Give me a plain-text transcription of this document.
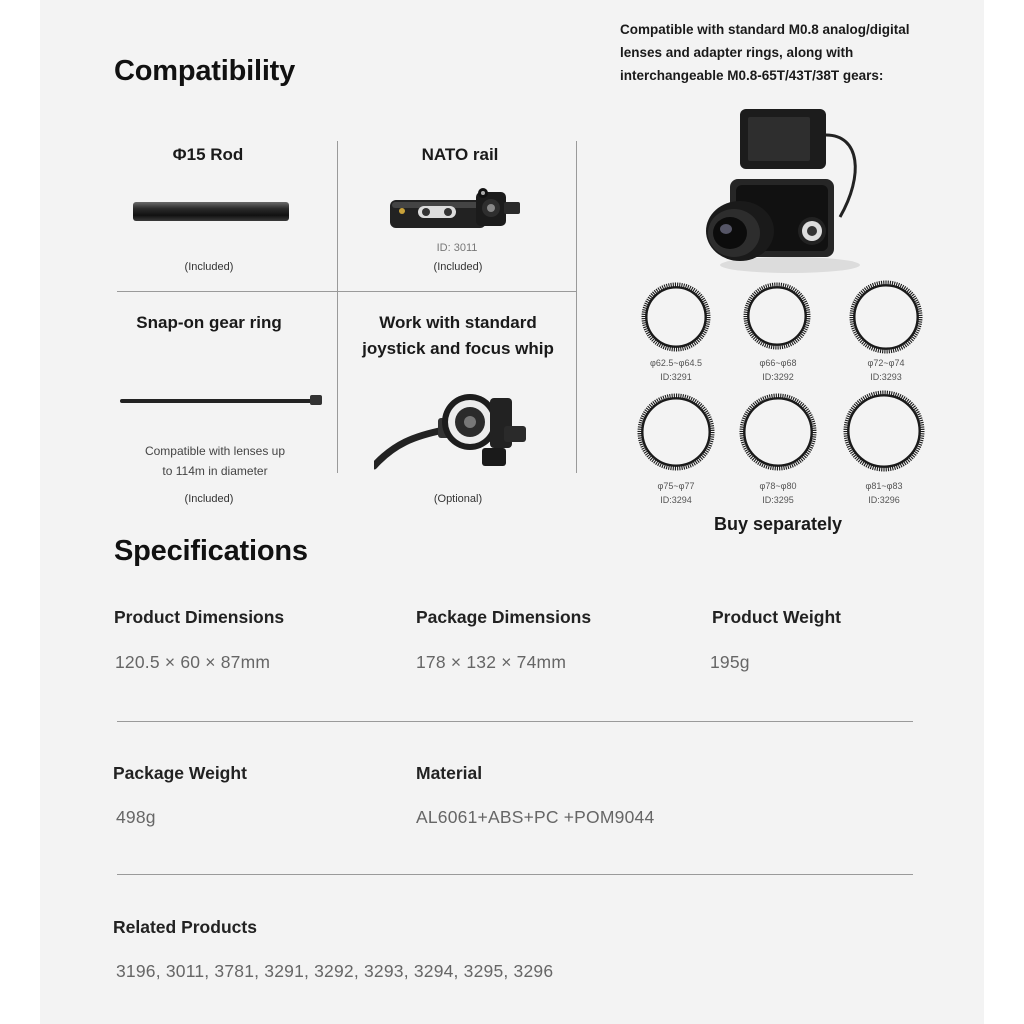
Compatibility
Compatible with standard M0.8 analog/digital
lenses and adapter rings, along with
interchangeable M0.8-65T/43T/38T gears:
Φ15 Rod
(Included)
NATO rail
ID: 3011
(Included)
Snap-on gear ring
Compatible with lenses up
to 114m in diameter
(Included)
Work with standard
joystick and focus whip
(Optional)
φ62.5~φ64.5
ID:3291
φ66~φ68
ID:3292
φ72~φ74
ID:3293
φ75~φ77
ID:3294
φ78~φ80
ID:3295
φ81~φ83
ID:3296
Buy separately
Specifications
Product Dimensions
120.5 × 60 × 87mm
Package Dimensions
178 × 132 × 74mm
Product Weight
195g
Package Weight
498g
Material
AL6061+ABS+PC +POM9044
Related Products
3196, 3011, 3781, 3291, 3292, 3293, 3294, 3295, 3296
